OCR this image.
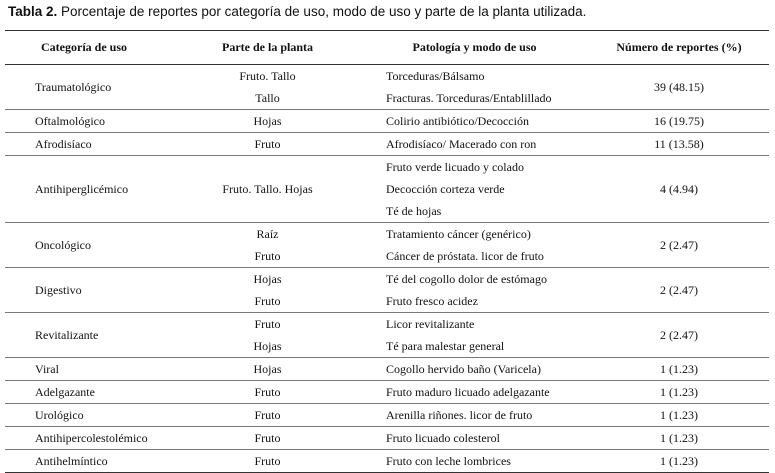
Tabla 2. Porcentaje de reportes por categoría de uso, modo de uso y parte de la planta utilizada.
Categoría de uso	Parte de la planta	Patología y modo de uso	Número de reportes (%)
Traumatológico	Fruto. Tallo	Torceduras/Bálsamo	39 (48.15)
	Tallo	Fracturas. Torceduras/Entablillado	
Oftalmológico	Hojas	Colirio antibiótico/Decocción	16 (19.75)
Afrodisíaco	Fruto	Afrodisíaco/ Macerado con ron	11 (13.58)
Antihiperglicémico	Fruto. Tallo. Hojas	Fruto verde licuado y colado	4 (4.94)
		Decocción corteza verde	
		Té de hojas	
Oncológico	Raíz	Tratamiento cáncer (genérico)	2 (2.47)
	Fruto	Cáncer de próstata. licor de fruto	
Digestivo	Hojas	Té del cogollo dolor de estómago	2 (2.47)
	Fruto	Fruto fresco acidez	
Revitalizante	Fruto	Licor revitalizante	2 (2.47)
	Hojas	Té para malestar general	
Viral	Hojas	Cogollo hervido baño (Varicela)	1 (1.23)
Adelgazante	Fruto	Fruto maduro licuado adelgazante	1 (1.23)
Urológico	Fruto	Arenilla riñones. licor de fruto	1 (1.23)
Antihipercolestolémico	Fruto	Fruto licuado colesterol	1 (1.23)
Antihelmíntico	Fruto	Fruto con leche lombrices	1 (1.23)
